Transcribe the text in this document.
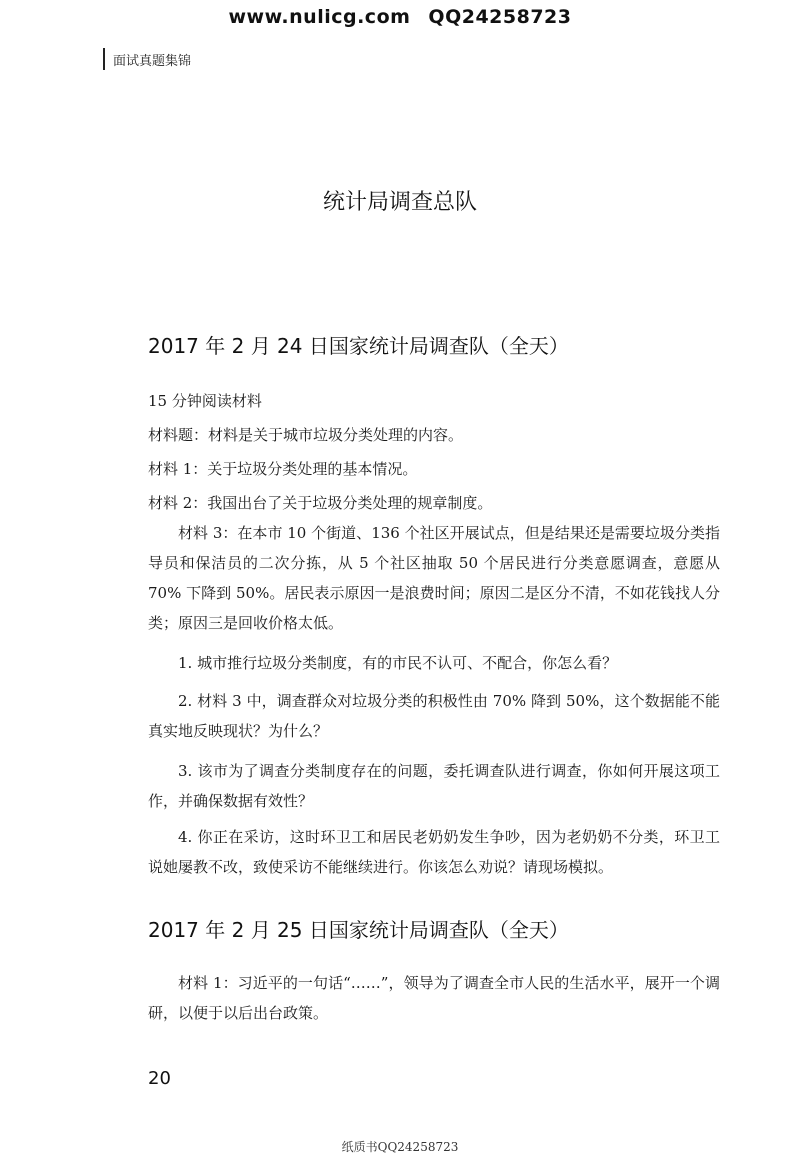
www.nulicg.com QQ24258723
面试真题集锦
统计局调查总队
2017 年 2 月 24 日国家统计局调查队（全天）

15 分钟阅读材料

材料题：材料是关于城市垃圾分类处理的内容。

材料 1：关于垃圾分类处理的基本情况。

材料 2：我国出台了关于垃圾分类处理的规章制度。

材料 3：在本市 10 个街道、136 个社区开展试点，但是结果还是需要垃圾分类指导员和保洁员的二次分拣，从 5 个社区抽取 50 个居民进行分类意愿调查，意愿从 70% 下降到 50%。居民表示原因一是浪费时间；原因二是区分不清，不如花钱找人分类；原因三是回收价格太低。

1. 城市推行垃圾分类制度，有的市民不认可、不配合，你怎么看？

2. 材料 3 中，调查群众对垃圾分类的积极性由 70% 降到 50%，这个数据能不能真实地反映现状？为什么？

3. 该市为了调查分类制度存在的问题，委托调查队进行调查，你如何开展这项工作，并确保数据有效性？

4. 你正在采访，这时环卫工和居民老奶奶发生争吵，因为老奶奶不分类，环卫工说她屡教不改，致使采访不能继续进行。你该怎么劝说？请现场模拟。

2017 年 2 月 25 日国家统计局调查队（全天）

材料 1：习近平的一句话“……”，领导为了调查全市人民的生活水平，展开一个调研，以便于以后出台政策。

20
纸质书QQ24258723
